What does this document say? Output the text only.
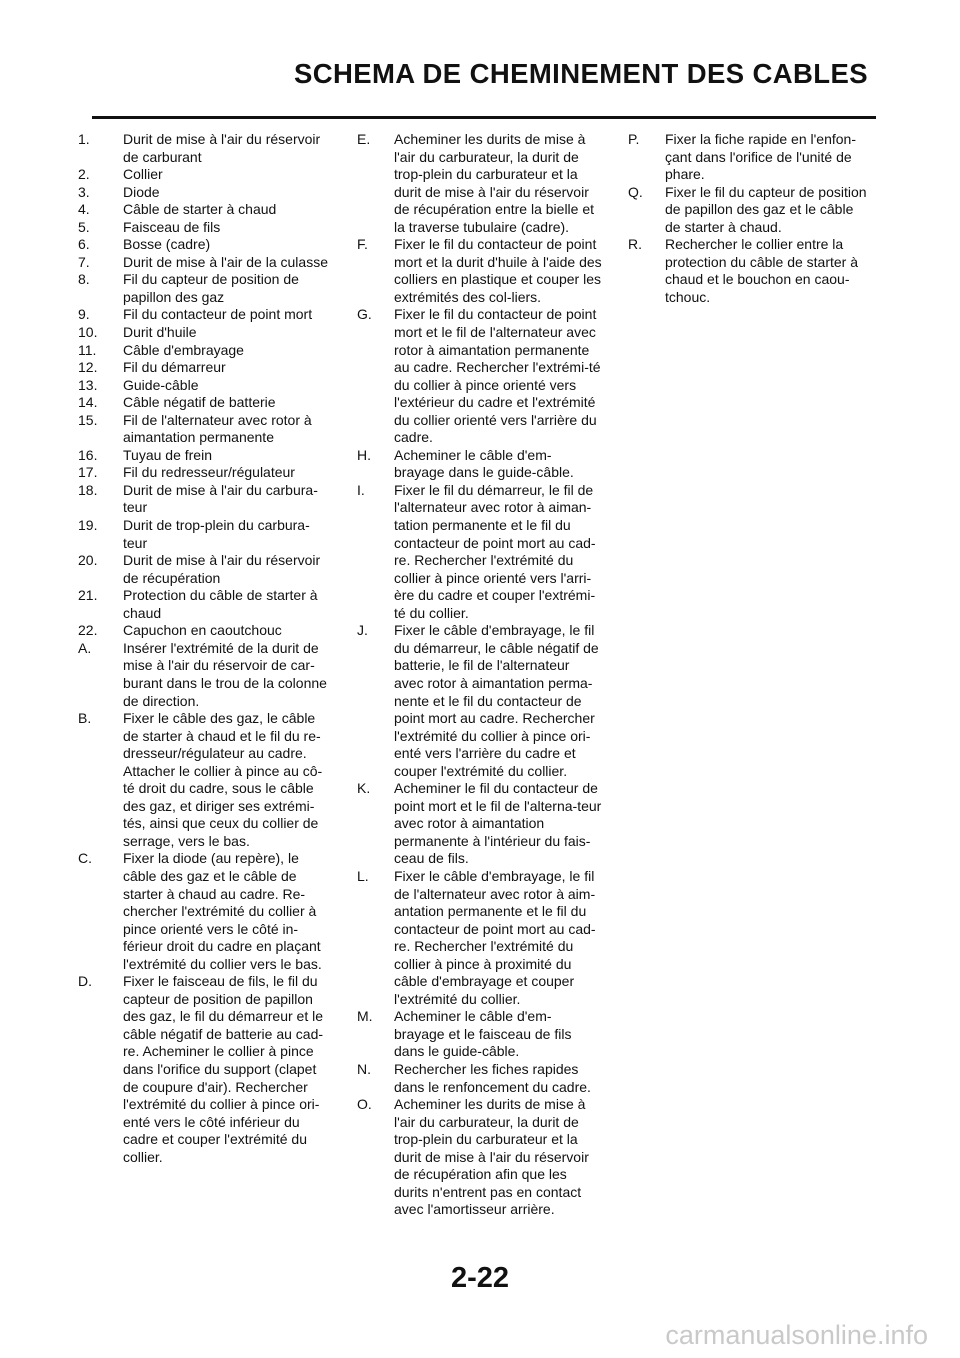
SCHEMA DE CHEMINEMENT DES CABLES
1. Durit de mise à l'air du réservoir de carburant
2. Collier
3. Diode
4. Câble de starter à chaud
5. Faisceau de fils
6. Bosse (cadre)
7. Durit de mise à l'air de la culasse
8. Fil du capteur de position de papillon des gaz
9. Fil du contacteur de point mort
10. Durit d'huile
11. Câble d'embrayage
12. Fil du démarreur
13. Guide-câble
14. Câble négatif de batterie
15. Fil de l'alternateur avec rotor à aimantation permanente
16. Tuyau de frein
17. Fil du redresseur/régulateur
18. Durit de mise à l'air du carbura-teur
19. Durit de trop-plein du carbura-teur
20. Durit de mise à l'air du réservoir de récupération
21. Protection du câble de starter à chaud
22. Capuchon en caoutchouc
A. Insérer l'extrémité de la durit de mise à l'air du réservoir de car-burant dans le trou de la colonne de direction.
B. Fixer le câble des gaz, le câble de starter à chaud et le fil du re-dresseur/régulateur au cadre. Attacher le collier à pince au cô-té droit du cadre, sous le câble des gaz, et diriger ses extrémi-tés, ainsi que ceux du collier de serrage, vers le bas.
C. Fixer la diode (au repère), le câble des gaz et le câble de starter à chaud au cadre. Re-chercher l'extrémité du collier à pince orienté vers le côté in-férieur droit du cadre en plaçant l'extrémité du collier vers le bas.
D. Fixer le faisceau de fils, le fil du capteur de position de papillon des gaz, le fil du démarreur et le câble négatif de batterie au cad-re. Acheminer le collier à pince dans l'orifice du support (clapet de coupure d'air). Rechercher l'extrémité du collier à pince ori-enté vers le côté inférieur du cadre et couper l'extrémité du collier.
E. Acheminer les durits de mise à l'air du carburateur, la durit de trop-plein du carburateur et la durit de mise à l'air du réservoir de récupération entre la bielle et la traverse tubulaire (cadre).
F. Fixer le fil du contacteur de point mort et la durit d'huile à l'aide des colliers en plastique et couper les extrémités des col-liers.
G. Fixer le fil du contacteur de point mort et le fil de l'alternateur avec rotor à aimantation permanente au cadre. Rechercher l'extrémi-té du collier à pince orienté vers l'extérieur du cadre et l'extrémité du collier orienté vers l'arrière du cadre.
H. Acheminer le câble d'em-brayage dans le guide-câble.
I. Fixer le fil du démarreur, le fil de l'alternateur avec rotor à aiman-tation permanente et le fil du contacteur de point mort au cad-re. Rechercher l'extrémité du collier à pince orienté vers l'arri-ère du cadre et couper l'extrémi-té du collier.
J. Fixer le câble d'embrayage, le fil du démarreur, le câble négatif de batterie, le fil de l'alternateur avec rotor à aimantation perma-nente et le fil du contacteur de point mort au cadre. Rechercher l'extrémité du collier à pince ori-enté vers l'arrière du cadre et couper l'extrémité du collier.
K. Acheminer le fil du contacteur de point mort et le fil de l'alterna-teur avec rotor à aimantation permanente à l'intérieur du fais-ceau de fils.
L. Fixer le câble d'embrayage, le fil de l'alternateur avec rotor à aim-antation permanente et le fil du contacteur de point mort au cad-re. Rechercher l'extrémité du collier à pince à proximité du câble d'embrayage et couper l'extrémité du collier.
M. Acheminer le câble d'em-brayage et le faisceau de fils dans le guide-câble.
N. Rechercher les fiches rapides dans le renfoncement du cadre.
O. Acheminer les durits de mise à l'air du carburateur, la durit de trop-plein du carburateur et la durit de mise à l'air du réservoir de récupération afin que les durits n'entrent pas en contact avec l'amortisseur arrière.
P. Fixer la fiche rapide en l'enfon-çant dans l'orifice de l'unité de phare.
Q. Fixer le fil du capteur de position de papillon des gaz et le câble de starter à chaud.
R. Rechercher le collier entre la protection du câble de starter à chaud et le bouchon en caou-tchouc.
2-22
carmanualsonline.info
